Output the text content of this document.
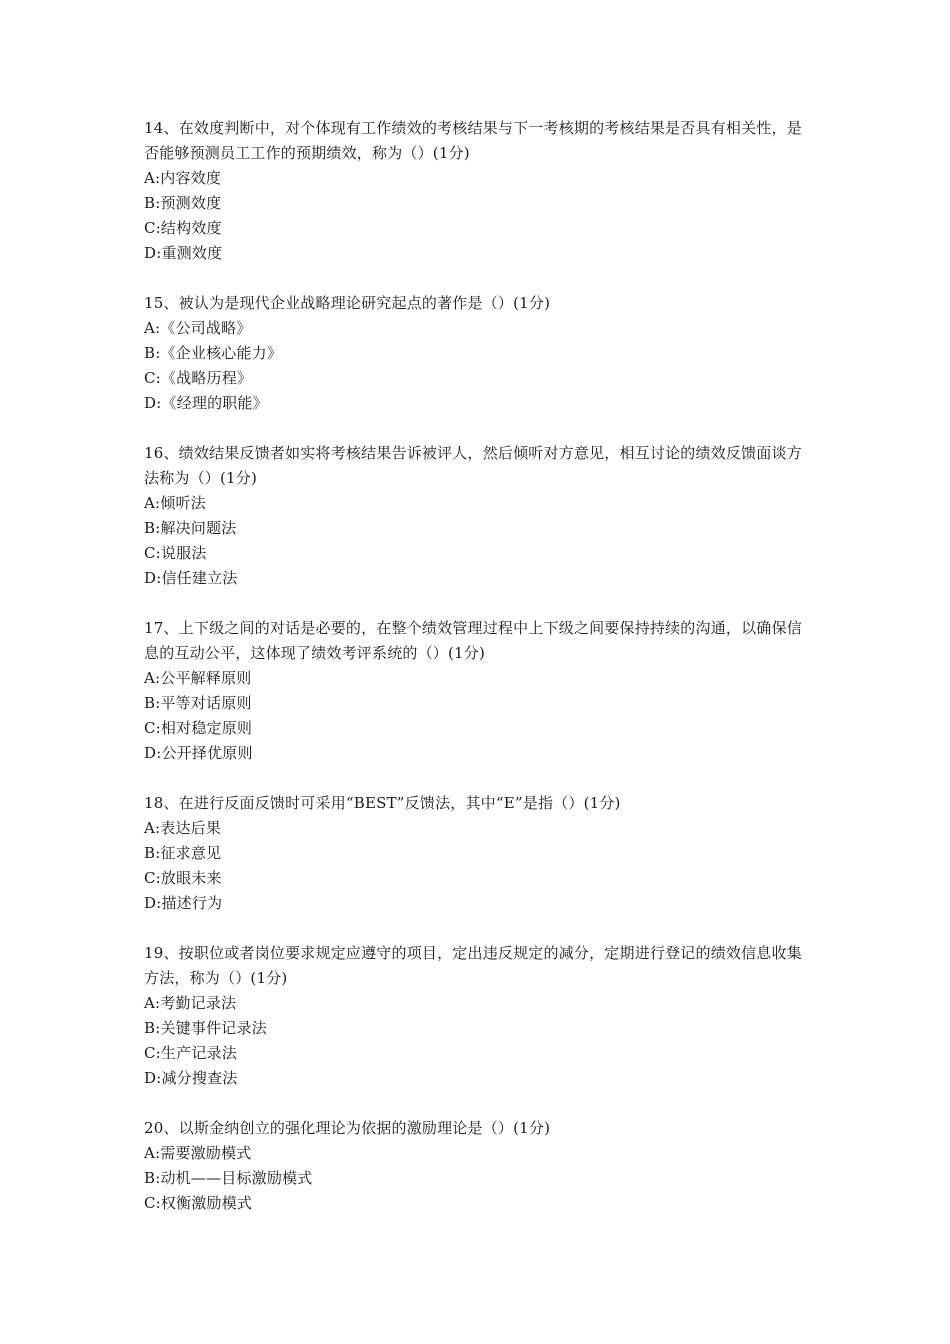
14、在效度判断中，对个体现有工作绩效的考核结果与下一考核期的考核结果是否具有相关性，是否能够预测员工工作的预期绩效，称为（）(1分)

A:内容效度

B:预测效度

C:结构效度

D:重测效度

15、被认为是现代企业战略理论研究起点的著作是（）(1分)

A:《公司战略》

B:《企业核心能力》

C:《战略历程》

D:《经理的职能》

16、绩效结果反馈者如实将考核结果告诉被评人，然后倾听对方意见，相互讨论的绩效反馈面谈方法称为（）(1分)

A:倾听法

B:解决问题法

C:说服法

D:信任建立法

17、上下级之间的对话是必要的，在整个绩效管理过程中上下级之间要保持持续的沟通，以确保信息的互动公平，这体现了绩效考评系统的（）(1分)

A:公平解释原则

B:平等对话原则

C:相对稳定原则

D:公开择优原则

18、在进行反面反馈时可采用“BEST”反馈法，其中“E”是指（）(1分)

A:表达后果

B:征求意见

C:放眼未来

D:描述行为

19、按职位或者岗位要求规定应遵守的项目，定出违反规定的减分，定期进行登记的绩效信息收集方法，称为（）(1分)

A:考勤记录法

B:关键事件记录法

C:生产记录法

D:减分搜查法

20、以斯金纳创立的强化理论为依据的激励理论是（）(1分)

A:需要激励模式

B:动机——目标激励模式

C:权衡激励模式
